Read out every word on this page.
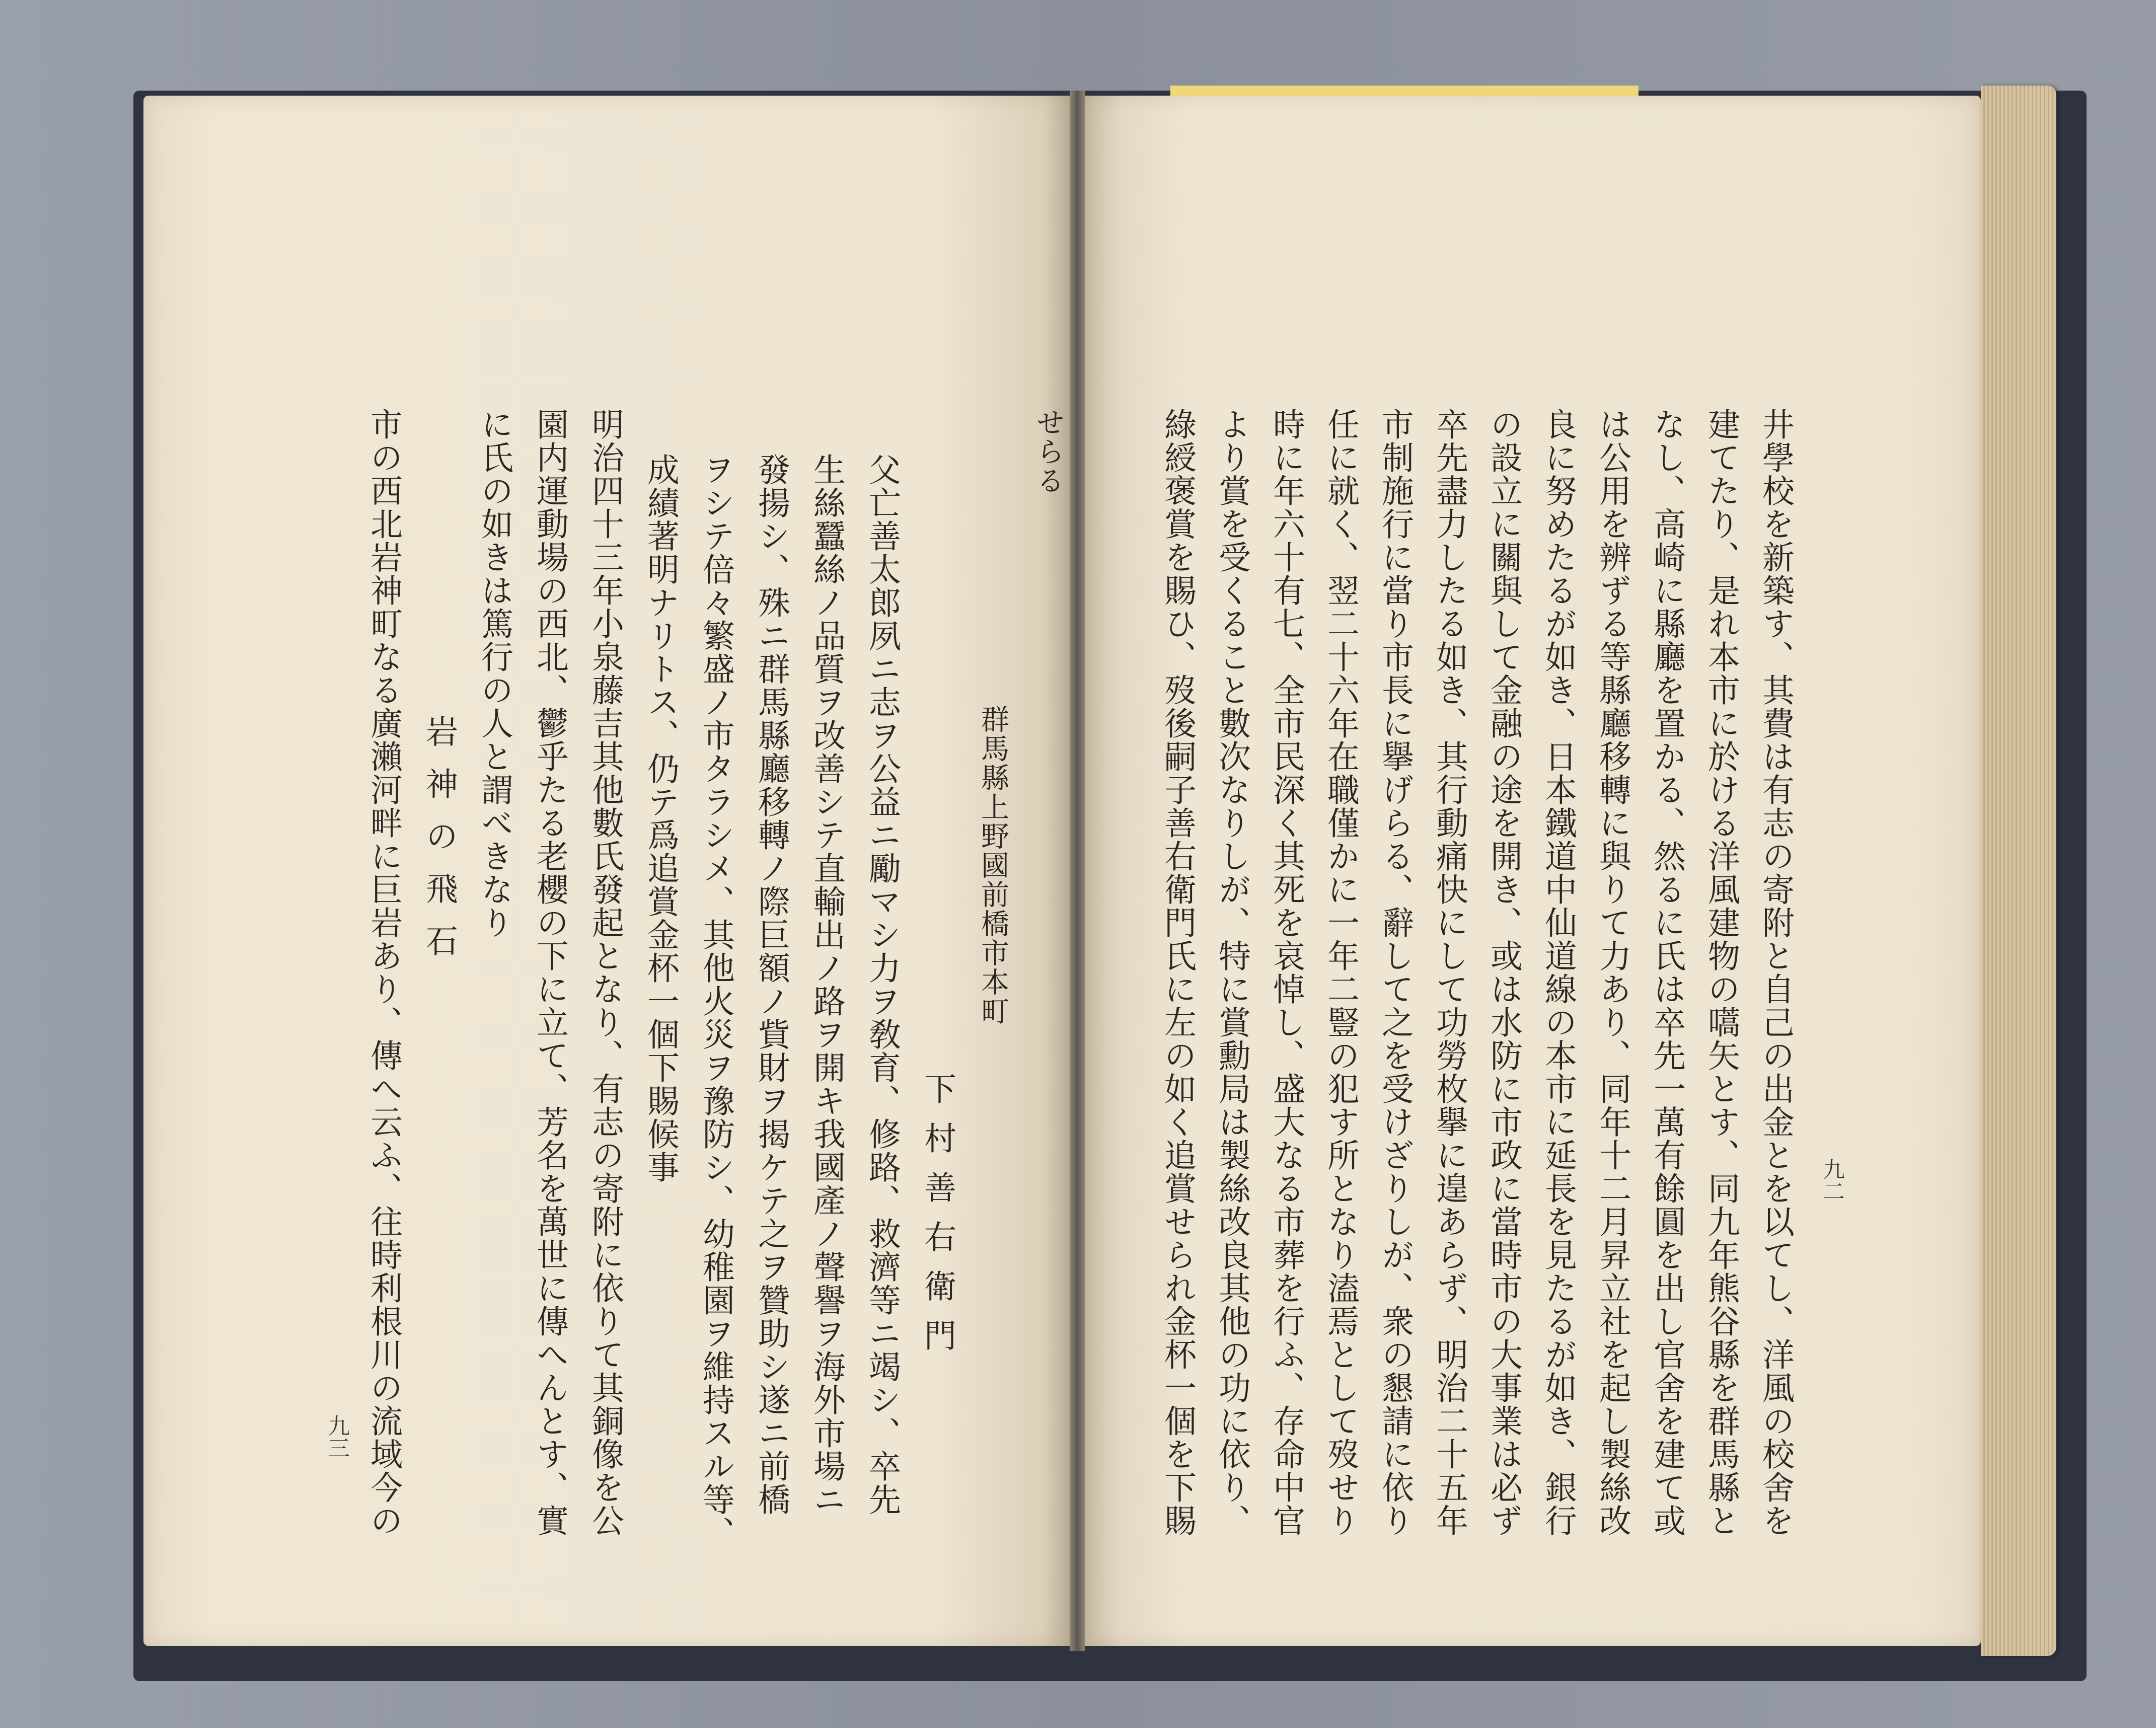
せらる
群馬縣上野國前橋市本町
下村善右衛門
父亡善太郎夙ニ志ヲ公益ニ勵マシ力ヲ敎育、修路、救濟等ニ竭シ、卒先
生絲蠶絲ノ品質ヲ改善シテ直輸出ノ路ヲ開キ我國產ノ聲譽ヲ海外市場ニ
發揚シ、殊ニ群馬縣廳移轉ノ際巨額ノ貲財ヲ揭ケテ之ヲ贊助シ遂ニ前橋
ヲシテ倍々繁盛ノ市タラシメ、其他火災ヲ豫防シ、幼稚園ヲ維持スル等、
成績著明ナリトス、仍テ爲追賞金杯一個下賜候事
明治四十三年小泉藤吉其他數氏發起となり、有志の寄附に依りて其銅像を公
園内運動場の西北、鬱乎たる老櫻の下に立て、芳名を萬世に傳へんとす、實
に氏の如きは篤行の人と謂べきなり
岩神の飛石
市の西北岩神町なる廣瀨河畔に巨岩あり、傳へ云ふ、往時利根川の流域今の
九三
九二
井學校を新築す、其費は有志の寄附と自己の出金とを以てし、洋風の校舍を
建てたり、是れ本市に於ける洋風建物の嚆矢とす、同九年熊谷縣を群馬縣と
なし、高崎に縣廳を置かる、然るに氏は卒先一萬有餘圓を出し官舍を建て或
は公用を辨ずる等縣廳移轉に與りて力あり、同年十二月昇立社を起し製絲改
良に努めたるが如き、日本鐵道中仙道線の本市に延長を見たるが如き、銀行
の設立に關與して金融の途を開き、或は水防に市政に當時市の大事業は必ず
卒先盡力したる如き、其行動痛快にして功勞枚擧に遑あらず、明治二十五年
市制施行に當り市長に擧げらる、辭して之を受けざりしが、衆の懇請に依り
任に就く、翌二十六年在職僅かに一年二豎の犯す所となり溘焉として歿せり
時に年六十有七、全市民深く其死を哀悼し、盛大なる市葬を行ふ、存命中官
より賞を受くること數次なりしが、特に賞勳局は製絲改良其他の功に依り、
綠綬褒賞を賜ひ、歿後嗣子善右衛門氏に左の如く追賞せられ金杯一個を下賜
